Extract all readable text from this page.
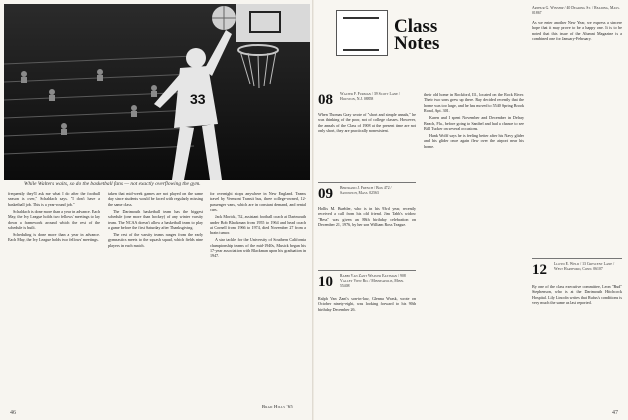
33
While Walters waits, so do the basketball fans — not exactly overflowing the gym.

frequently they'll ask me what I do after the football season is over," Schaldach says. "I don't have a basketball job. This is a year-round job."

Schaldach is done more than a year in advance. Each May, the Ivy League holds two fellows' meetings to lay down a framework around which the rest of the schedule is built.

Scheduling is done more than a year in advance. Each May, the Ivy League holds two fellows' meetings.

taken that mid-week games are not played on the same day since students would be faced with regularly missing the same class.

The Dartmouth basketball team has the biggest schedule (one more than hockey) of any winter varsity team. The NCAA doesn't allow a basketball team to play a game before the first Saturday after Thanksgiving.

The rest of the varsity teams ranges from the early gymnastics meets to the squash squad, which fields nine players in each match.

for overnight stops anywhere in New England. Teams travel by Vermont Transit bus, three college-owned, 12-passenger vans, which are in constant demand, and rental cars.

Jack Morick, '52, assistant football coach at Dartmouth under Bob Blackman from 1955 to 1964 and head coach at Cornell from 1966 to 1974, died November 27 from a brain tumor.

A star tackle for the University of Southern California championship teams of the mid-1940s, Musick began his 17-year association with Blackman upon his graduation in 1947.

Brad Hills '65
46
Class
Notes
Arthur G. Winship / 40 Dearing St. / Reading, Mass. 01867

As we enter another New Year, we express a sincere hope that it may prove to be a happy one. It is to be noted that this issue of the Alumni Magazine is a combined one for January-February.

08 Walter F. Furman / 39 Scott Lane / Houston, N.J. 08858

When Thomas Gray wrote of "short and simple annals," he was thinking of the poor, not of college classes. However, the annals of the Class of 1908 at the present time are not only short, they are practically nonexistent.

09 Bertrand J. French / Box 472 / Sandwich, Mass. 02563

Hollis M. Buehler, who is in his 93rd year, recently received a call from his old friend. Jim Tabb's widow "Bess" was given an 88th birthday celebration on December 21, 1976, by her son William Ross Teague.

10 Rabbi Van Zant Weaver Eastman / 908 Valley View Rd. / Minneapolis, Minn. 55408

Ralph Van Zant's son-in-law, Glenna Wrask, wrote on October ninety-eight, was looking forward to his 90th birthday December 26.

their old home in Rockford, Ill., located on the Rock River. Their two sons grew up there. Ray decided recently that the home was too large, and he has moved to 5540 Spring Brook Road, Apt. 301.

Karen and I spent November and December in Delray Beach, Fla., before going to Sanibel and had a chance to see Bill Tucker on several occasions.

Hank Wolff says he is feeling better after his Navy glider and his glider once again flew over the airport near his home.

12 Lloyd E. Weld / 13 Crescent Lane / West Hartford, Conn. 06107

By one of the class executive committee, Leon "Bud" Stephenson, who is at the Dartmouth Hitchcock Hospital. Lily Lincoln writes that Rufus's conditions is very much the same as last reported.

47
